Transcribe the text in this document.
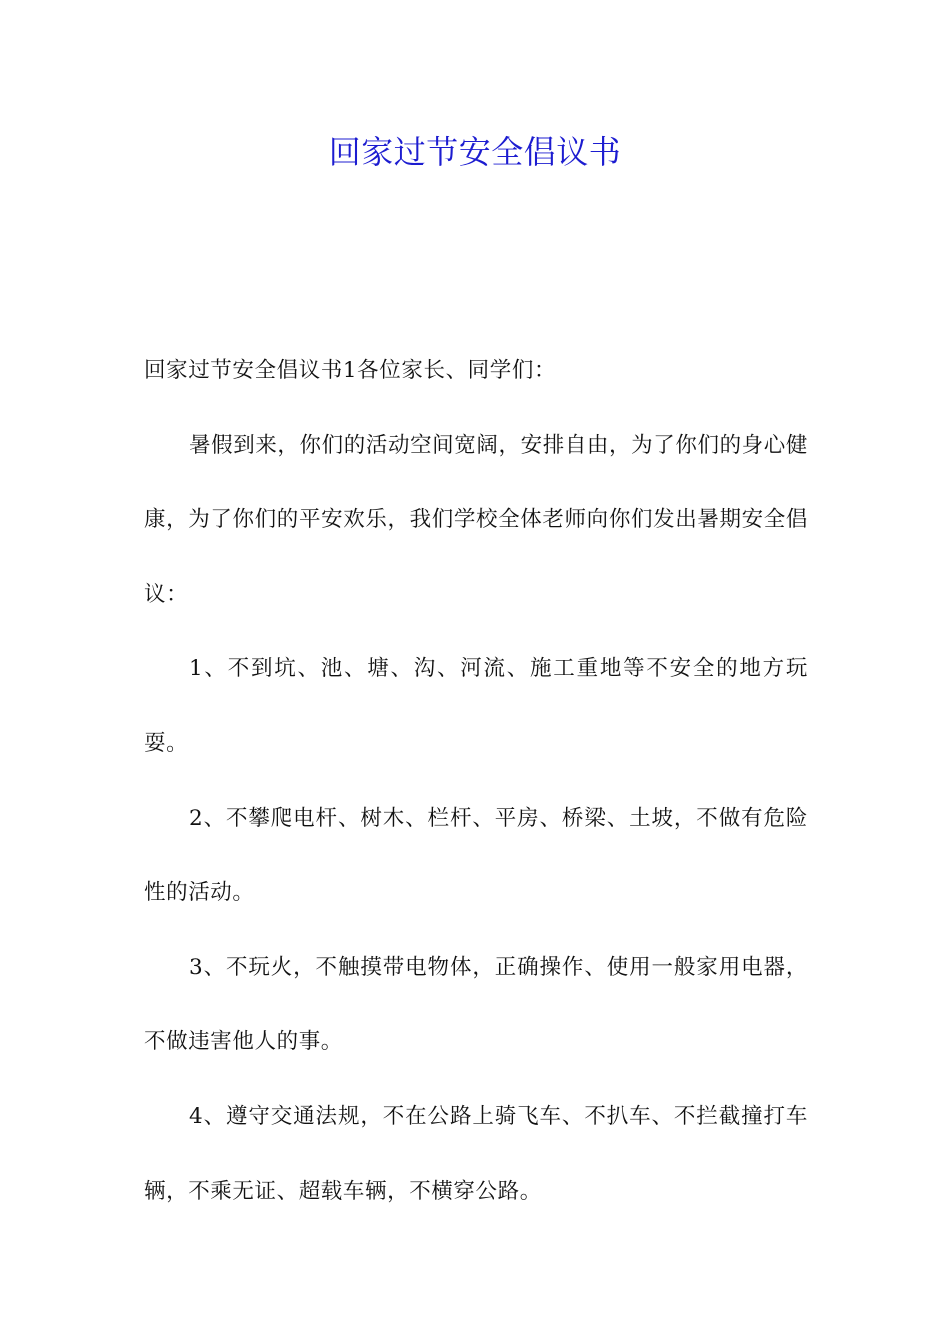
回家过节安全倡议书

回家过节安全倡议书1各位家长、同学们：

暑假到来，你们的活动空间宽阔，安排自由，为了你们的身心健康，为了你们的平安欢乐，我们学校全体老师向你们发出暑期安全倡议：

1、不到坑、池、塘、沟、河流、施工重地等不安全的地方玩耍。

2、不攀爬电杆、树木、栏杆、平房、桥梁、土坡，不做有危险性的活动。

3、不玩火，不触摸带电物体，正确操作、使用一般家用电器，不做违害他人的事。

4、遵守交通法规，不在公路上骑飞车、不扒车、不拦截撞打车辆，不乘无证、超载车辆，不横穿公路。
